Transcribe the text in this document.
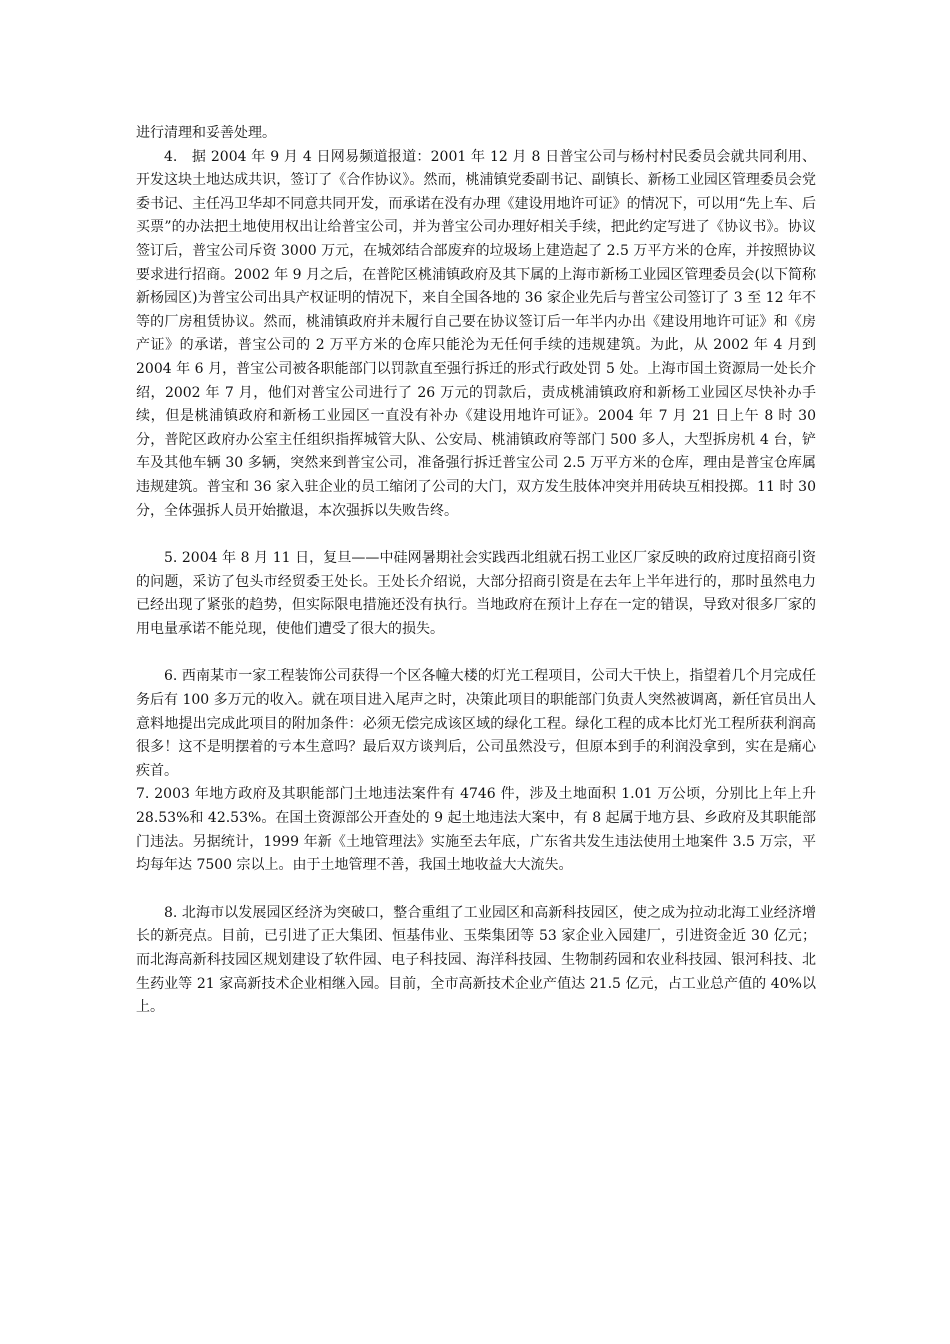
进行清理和妥善处理。

4.　据 2004 年 9 月 4 日网易频道报道：2001 年 12 月 8 日普宝公司与杨村村民委员会就共同利用、开发这块土地达成共识，签订了《合作协议》。然而，桃浦镇党委副书记、副镇长、新杨工业园区管理委员会党委书记、主任冯卫华却不同意共同开发，而承诺在没有办理《建设用地许可证》的情况下，可以用“先上车、后买票”的办法把土地使用权出让给普宝公司，并为普宝公司办理好相关手续，把此约定写进了《协议书》。协议签订后，普宝公司斥资 3000 万元，在城郊结合部废弃的垃圾场上建造起了 2.5 万平方米的仓库，并按照协议要求进行招商。2002 年 9 月之后，在普陀区桃浦镇政府及其下属的上海市新杨工业园区管理委员会(以下简称新杨园区)为普宝公司出具产权证明的情况下，来自全国各地的 36 家企业先后与普宝公司签订了 3 至 12 年不等的厂房租赁协议。然而，桃浦镇政府并未履行自己要在协议签订后一年半内办出《建设用地许可证》和《房产证》的承诺，普宝公司的 2 万平方米的仓库只能沦为无任何手续的违规建筑。为此，从 2002 年 4 月到 2004 年 6 月，普宝公司被各职能部门以罚款直至强行拆迁的形式行政处罚 5 处。上海市国土资源局一处长介绍，2002 年 7 月，他们对普宝公司进行了 26 万元的罚款后，责成桃浦镇政府和新杨工业园区尽快补办手续，但是桃浦镇政府和新杨工业园区一直没有补办《建设用地许可证》。2004 年 7 月 21 日上午 8 时 30 分，普陀区政府办公室主任组织指挥城管大队、公安局、桃浦镇政府等部门 500 多人，大型拆房机 4 台，铲车及其他车辆 30 多辆，突然来到普宝公司，准备强行拆迁普宝公司 2.5 万平方米的仓库，理由是普宝仓库属违规建筑。普宝和 36 家入驻企业的员工缩闭了公司的大门，双方发生肢体冲突并用砖块互相投掷。11 时 30 分，全体强拆人员开始撤退，本次强拆以失败告终。

5. 2004 年 8 月 11 日，复旦——中硅网暑期社会实践西北组就石拐工业区厂家反映的政府过度招商引资的问题，采访了包头市经贸委王处长。王处长介绍说，大部分招商引资是在去年上半年进行的，那时虽然电力已经出现了紧张的趋势，但实际限电措施还没有执行。当地政府在预计上存在一定的错误，导致对很多厂家的用电量承诺不能兑现，使他们遭受了很大的损失。

6. 西南某市一家工程装饰公司获得一个区各幢大楼的灯光工程项目，公司大干快上，指望着几个月完成任务后有 100 多万元的收入。就在项目进入尾声之时，决策此项目的职能部门负责人突然被调离，新任官员出人意料地提出完成此项目的附加条件：必须无偿完成该区域的绿化工程。绿化工程的成本比灯光工程所获利润高很多！这不是明摆着的亏本生意吗？最后双方谈判后，公司虽然没亏，但原本到手的利润没拿到，实在是痛心疾首。

7. 2003 年地方政府及其职能部门土地违法案件有 4746 件，涉及土地面积 1.01 万公顷，分别比上年上升 28.53%和 42.53%。在国土资源部公开查处的 9 起土地违法大案中，有 8 起属于地方县、乡政府及其职能部门违法。另据统计，1999 年新《土地管理法》实施至去年底，广东省共发生违法使用土地案件 3.5 万宗，平均每年达 7500 宗以上。由于土地管理不善，我国土地收益大大流失。

8. 北海市以发展园区经济为突破口，整合重组了工业园区和高新科技园区，使之成为拉动北海工业经济增长的新亮点。目前，已引进了正大集团、恒基伟业、玉柴集团等 53 家企业入园建厂，引进资金近 30 亿元；而北海高新科技园区规划建设了软件园、电子科技园、海洋科技园、生物制药园和农业科技园、银河科技、北生药业等 21 家高新技术企业相继入园。目前，全市高新技术企业产值达 21.5 亿元，占工业总产值的 40%以上。
